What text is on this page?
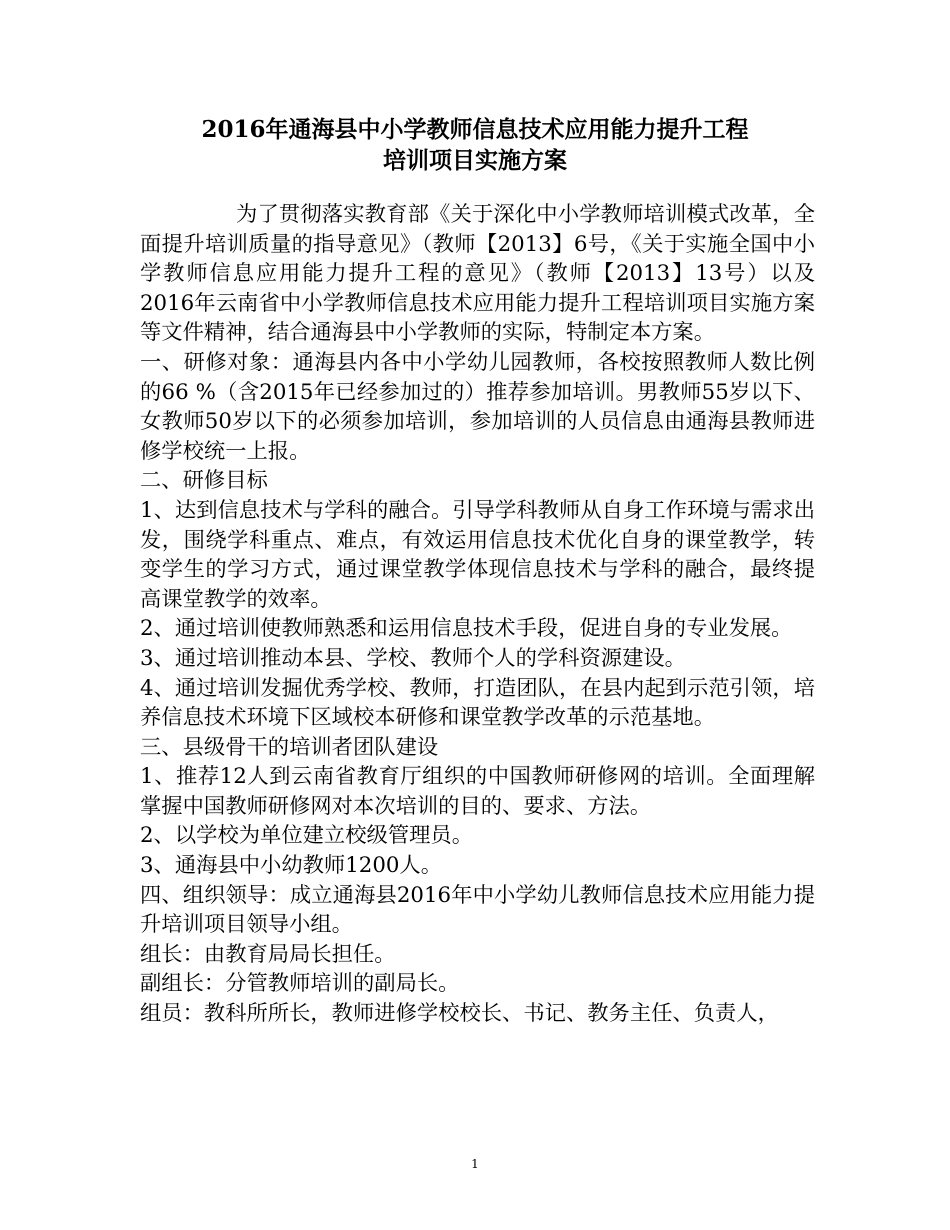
2016年通海县中小学教师信息技术应用能力提升工程
培训项目实施方案

为了贯彻落实教育部《关于深化中小学教师培训模式改革，全面提升培训质量的指导意见》（教师【2013】6号，《关于实施全国中小学教师信息应用能力提升工程的意见》（教师【2013】13号）以及2016年云南省中小学教师信息技术应用能力提升工程培训项目实施方案等文件精神，结合通海县中小学教师的实际，特制定本方案。

一、研修对象：通海县内各中小学幼儿园教师，各校按照教师人数比例的66 %（含2015年已经参加过的）推荐参加培训。男教师55岁以下、女教师50岁以下的必须参加培训，参加培训的人员信息由通海县教师进修学校统一上报。

二、研修目标

1、达到信息技术与学科的融合。引导学科教师从自身工作环境与需求出发，围绕学科重点、难点，有效运用信息技术优化自身的课堂教学，转变学生的学习方式，通过课堂教学体现信息技术与学科的融合，最终提高课堂教学的效率。

2、通过培训使教师熟悉和运用信息技术手段，促进自身的专业发展。

3、通过培训推动本县、学校、教师个人的学科资源建设。

4、通过培训发掘优秀学校、教师，打造团队，在县内起到示范引领，培养信息技术环境下区域校本研修和课堂教学改革的示范基地。

三、县级骨干的培训者团队建设

1、推荐12人到云南省教育厅组织的中国教师研修网的培训。全面理解掌握中国教师研修网对本次培训的目的、要求、方法。

2、以学校为单位建立校级管理员。

3、通海县中小幼教师1200人。

四、组织领导：成立通海县2016年中小学幼儿教师信息技术应用能力提升培训项目领导小组。

组长：由教育局局长担任。

副组长：分管教师培训的副局长。

组员：教科所所长，教师进修学校校长、书记、教务主任、负责人，

1
